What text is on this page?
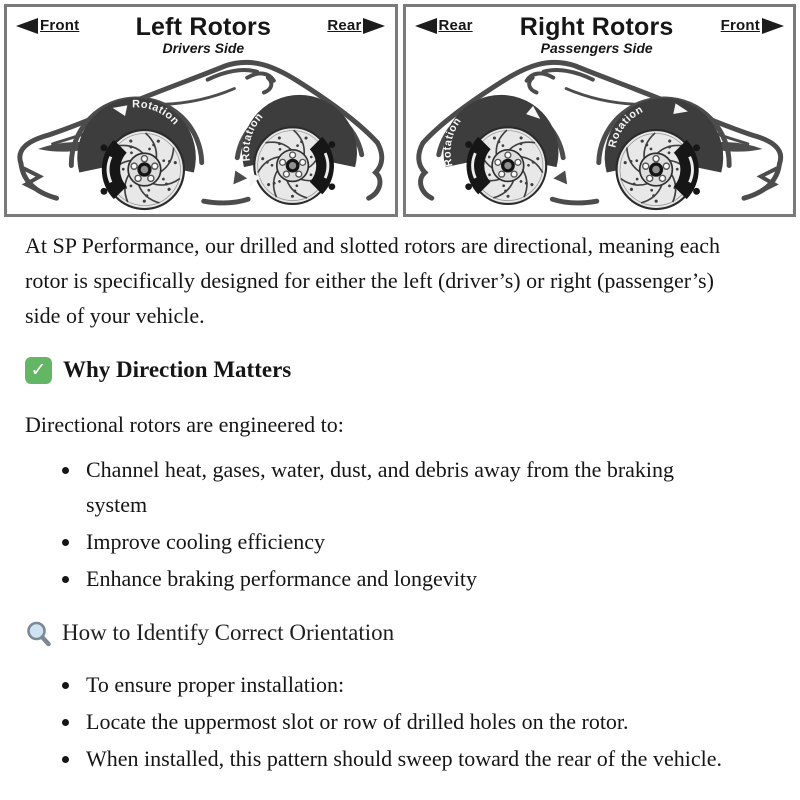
Front Left Rotors
Drivers Side
Rear
Rotation
Rotation
Rear Right Rotors
Passengers Side
Front
Rotation
Rotation

At SP Performance, our drilled and slotted rotors are directional, meaning each rotor is specifically designed for either the left (driver’s) or right (passenger’s) side of your vehicle.

✓ Why Direction Matters

Directional rotors are engineered to:

• Channel heat, gases, water, dust, and debris away from the braking system
• Improve cooling efficiency
• Enhance braking performance and longevity
How to Identify Correct Orientation
• To ensure proper installation:
• Locate the uppermost slot or row of drilled holes on the rotor.
• When installed, this pattern should sweep toward the rear of the vehicle.
